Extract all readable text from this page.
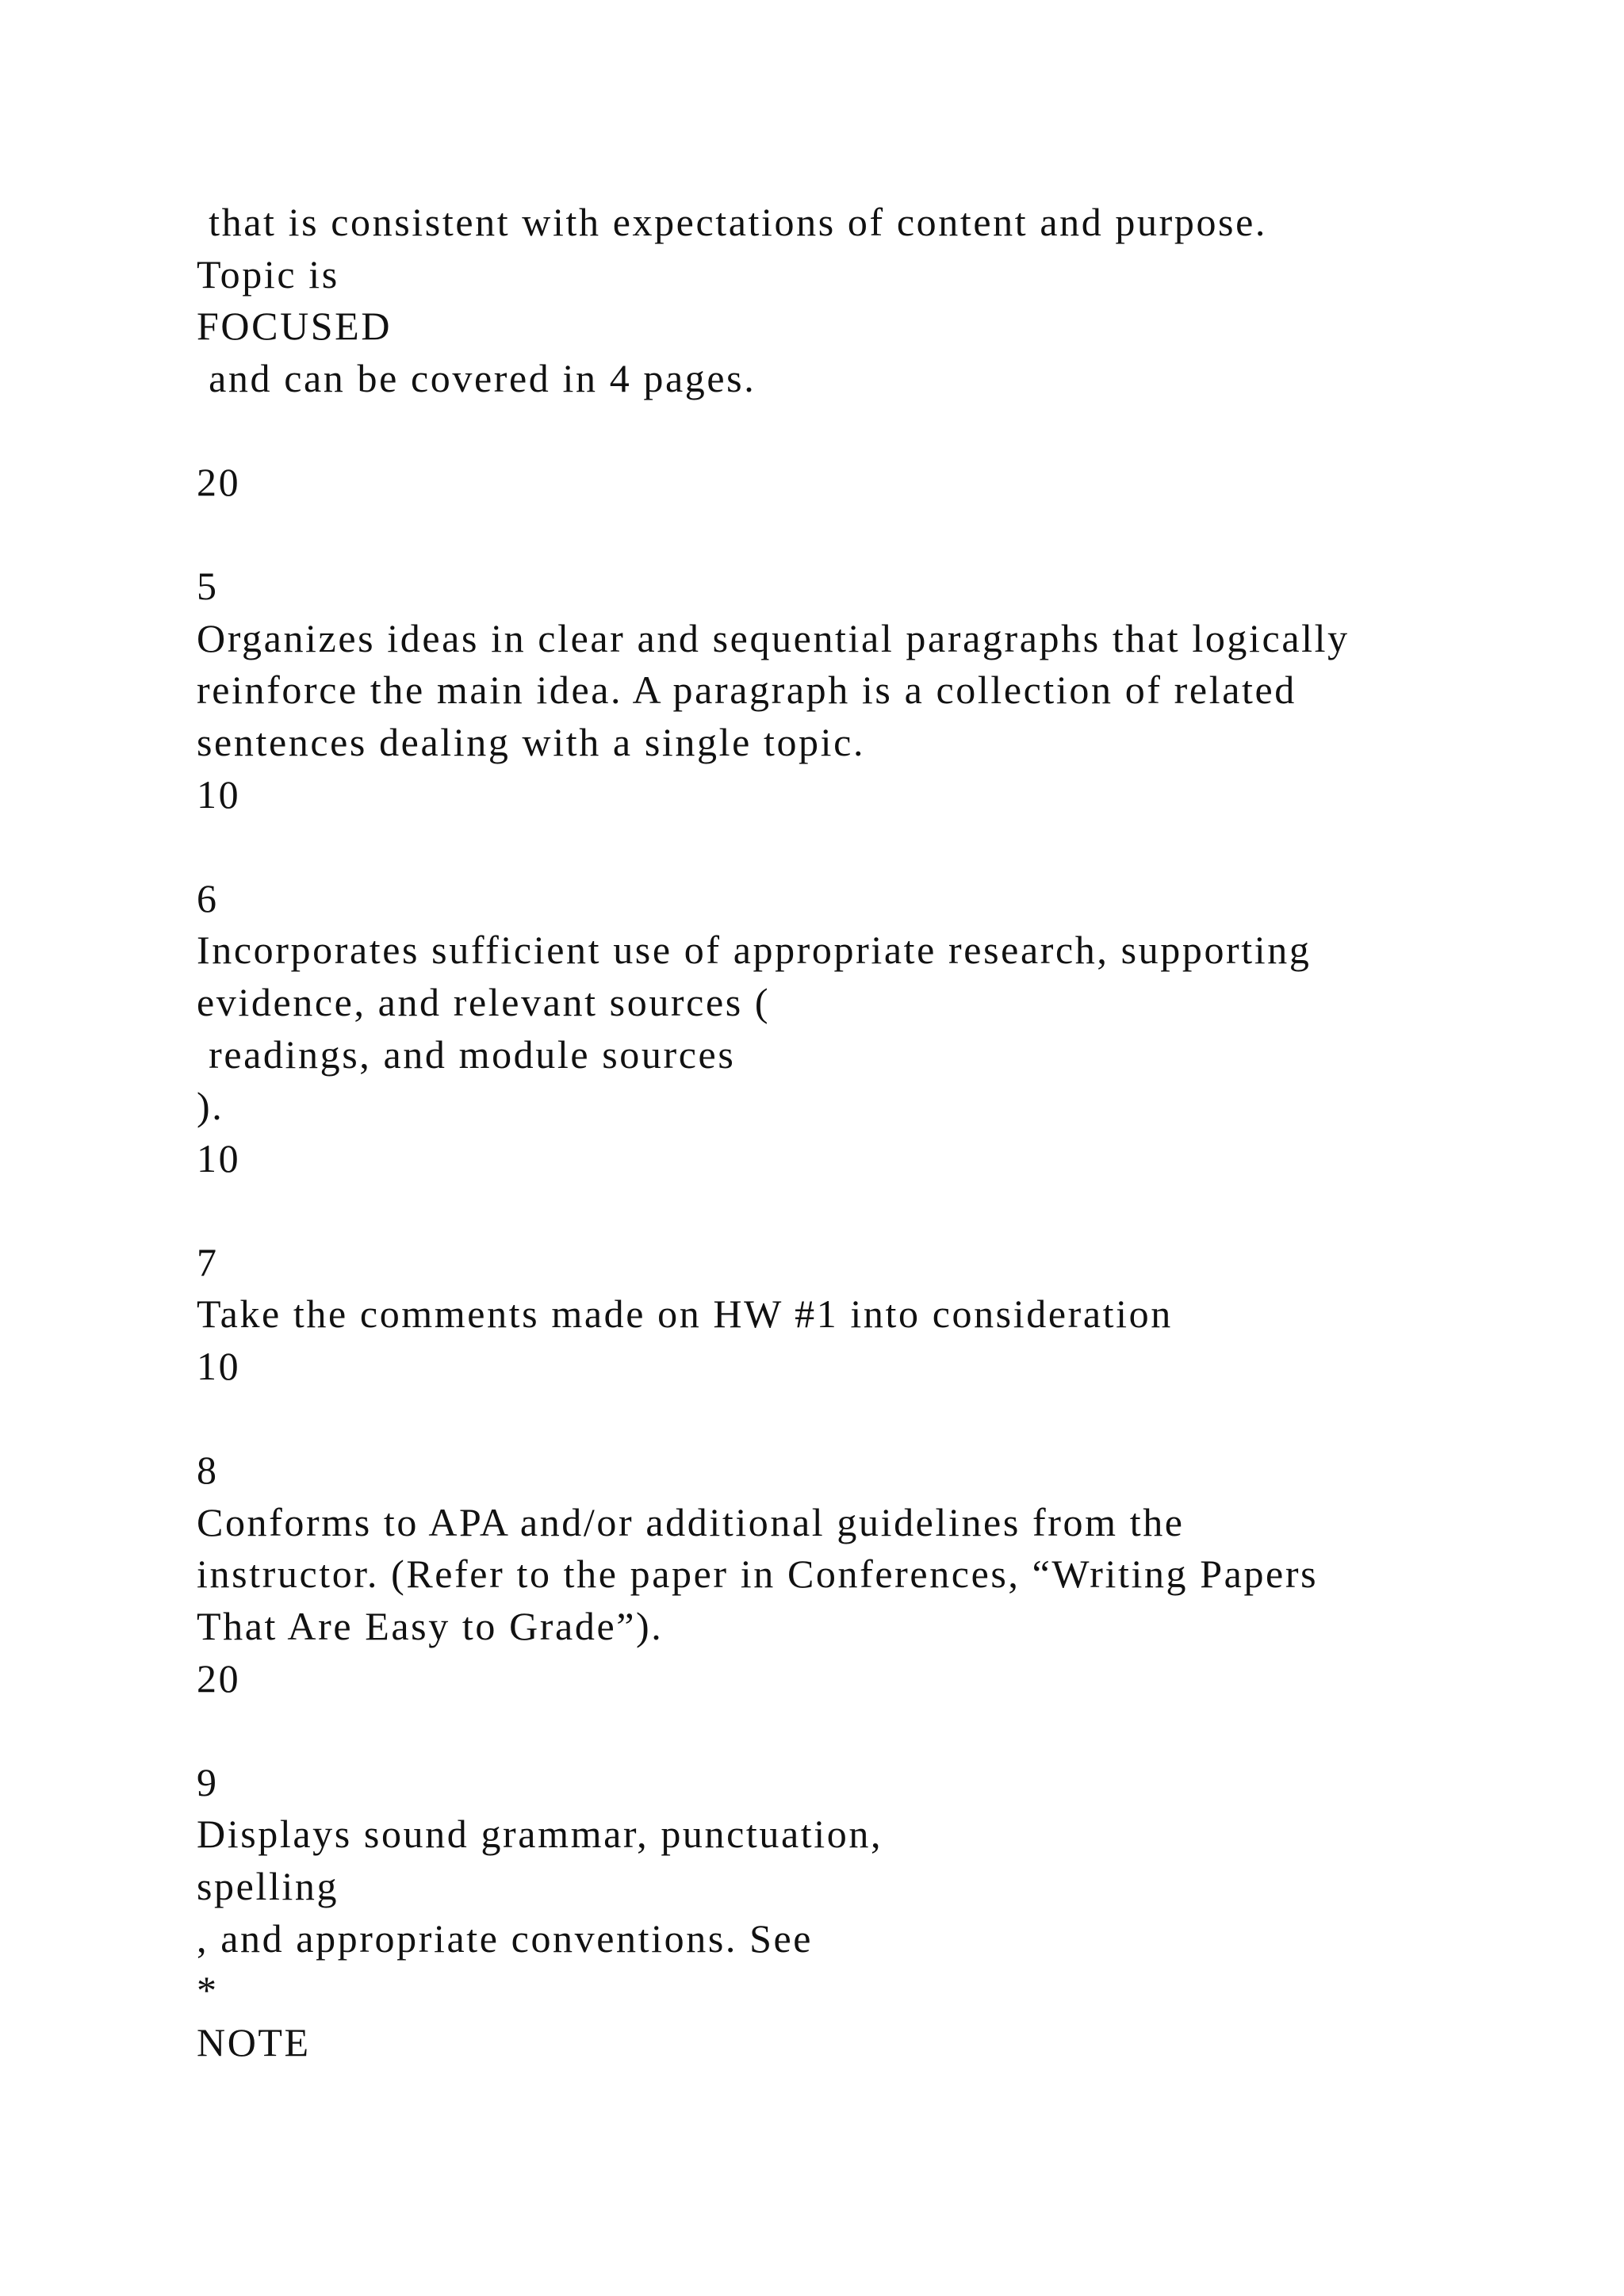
that is consistent with expectations of content and purpose.
Topic is
FOCUSED
and can be covered in 4 pages.
20
5
Organizes ideas in clear and sequential paragraphs that logically
reinforce the main idea. A paragraph is a collection of related
sentences dealing with a single topic.
10
6
Incorporates sufficient use of appropriate research, supporting
evidence, and relevant sources (
readings, and module sources
).
10
7
Take the comments made on HW #1 into consideration
10
8
Conforms to APA and/or additional guidelines from the
instructor. (Refer to the paper in Conferences, “Writing Papers
That Are Easy to Grade”).
20
9
Displays sound grammar, punctuation,
spelling
, and appropriate conventions. See
*
NOTE
